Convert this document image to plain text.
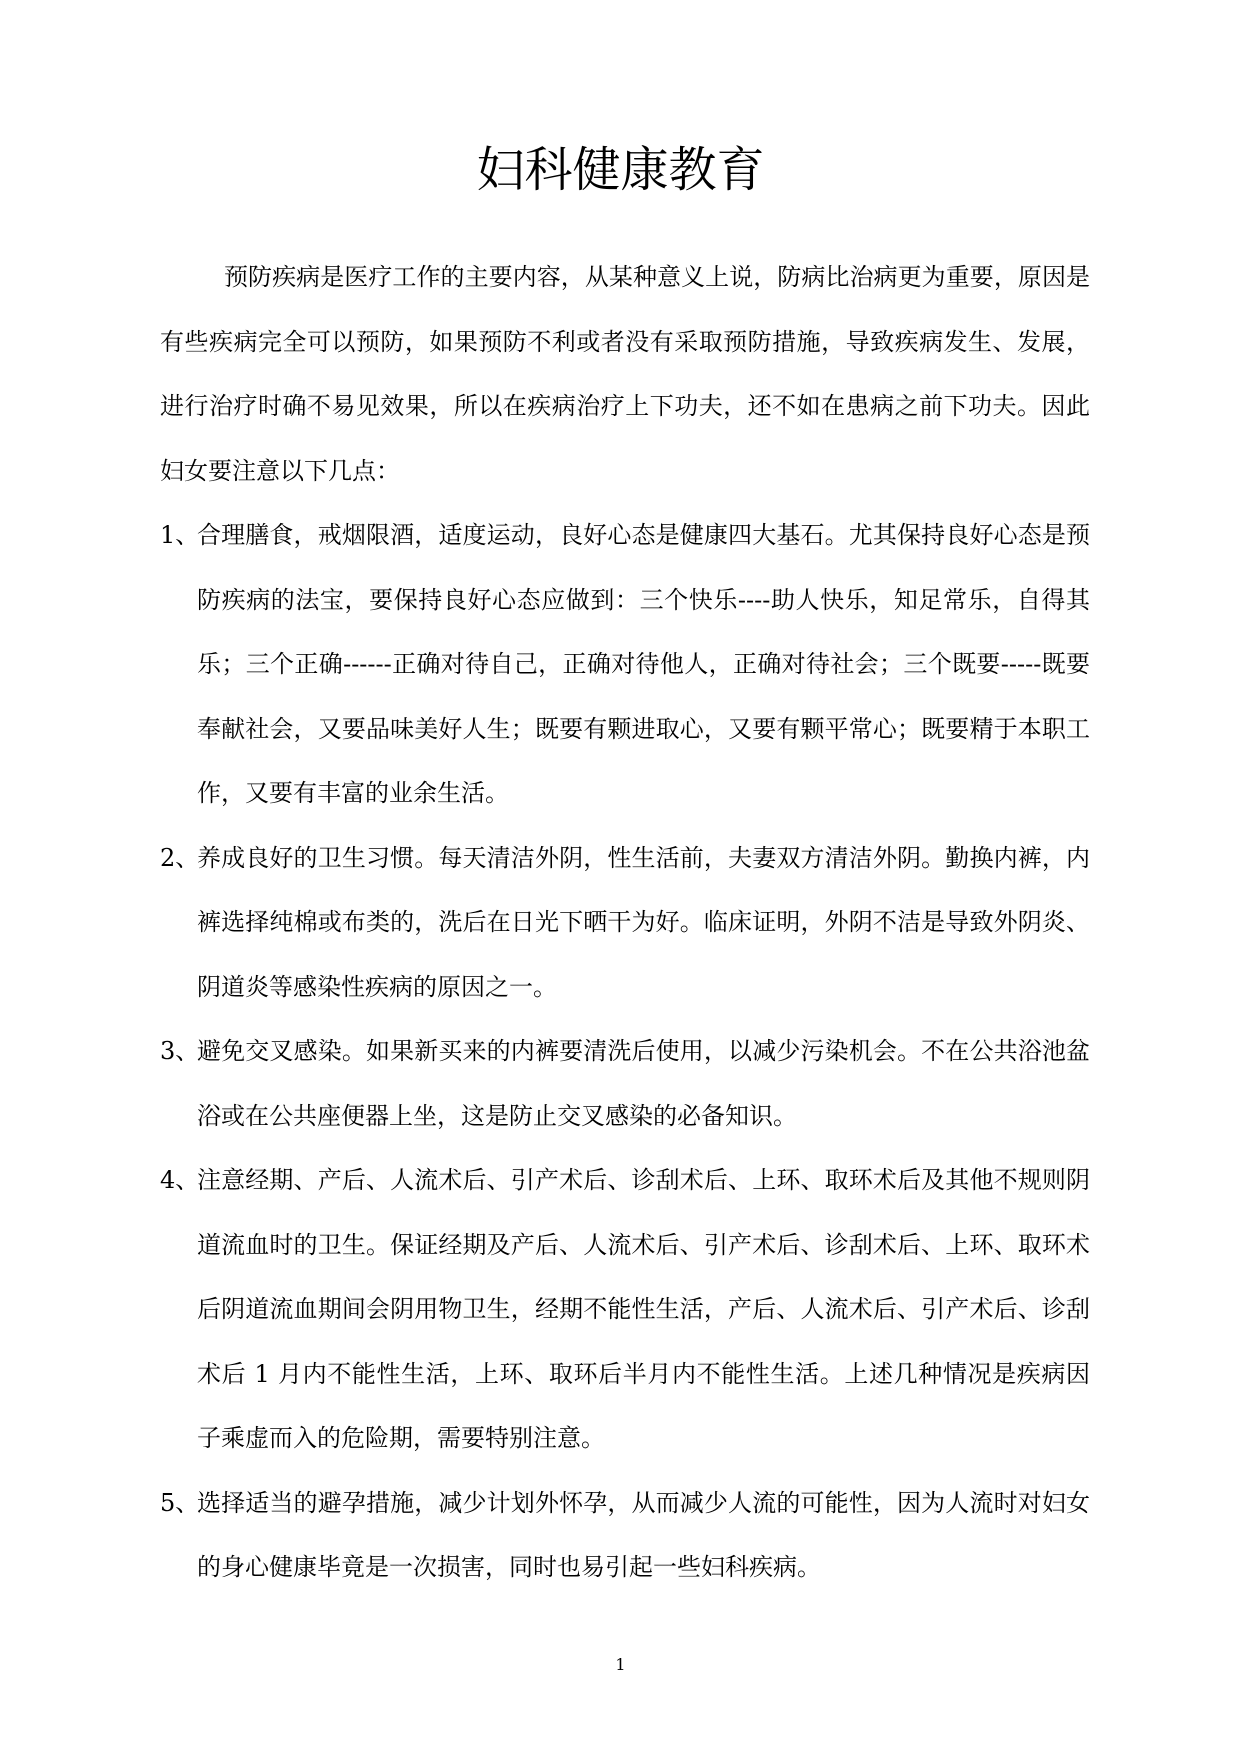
妇科健康教育

预防疾病是医疗工作的主要内容，从某种意义上说，防病比治病更为重要，原因是有些疾病完全可以预防，如果预防不利或者没有采取预防措施，导致疾病发生、发展，进行治疗时确不易见效果，所以在疾病治疗上下功夫，还不如在患病之前下功夫。因此妇女要注意以下几点：

1、
合理膳食，戒烟限酒，适度运动，良好心态是健康四大基石。尤其保持良好心态是预防疾病的法宝，要保持良好心态应做到：三个快乐----助人快乐，知足常乐，自得其乐；三个正确------正确对待自己，正确对待他人，正确对待社会；三个既要-----既要奉献社会，又要品味美好人生；既要有颗进取心，又要有颗平常心；既要精于本职工作，又要有丰富的业余生活。
2、
养成良好的卫生习惯。每天清洁外阴，性生活前，夫妻双方清洁外阴。勤换内裤，内裤选择纯棉或布类的，洗后在日光下晒干为好。临床证明，外阴不洁是导致外阴炎、阴道炎等感染性疾病的原因之一。
3、
避免交叉感染。如果新买来的内裤要清洗后使用，以减少污染机会。不在公共浴池盆浴或在公共座便器上坐，这是防止交叉感染的必备知识。
4、
注意经期、产后、人流术后、引产术后、诊刮术后、上环、取环术后及其他不规则阴道流血时的卫生。保证经期及产后、人流术后、引产术后、诊刮术后、上环、取环术后阴道流血期间会阴用物卫生，经期不能性生活，产后、人流术后、引产术后、诊刮术后 1 月内不能性生活，上环、取环后半月内不能性生活。上述几种情况是疾病因子乘虚而入的危险期，需要特别注意。
5、
选择适当的避孕措施，减少计划外怀孕，从而减少人流的可能性，因为人流时对妇女的身心健康毕竟是一次损害，同时也易引起一些妇科疾病。
1
